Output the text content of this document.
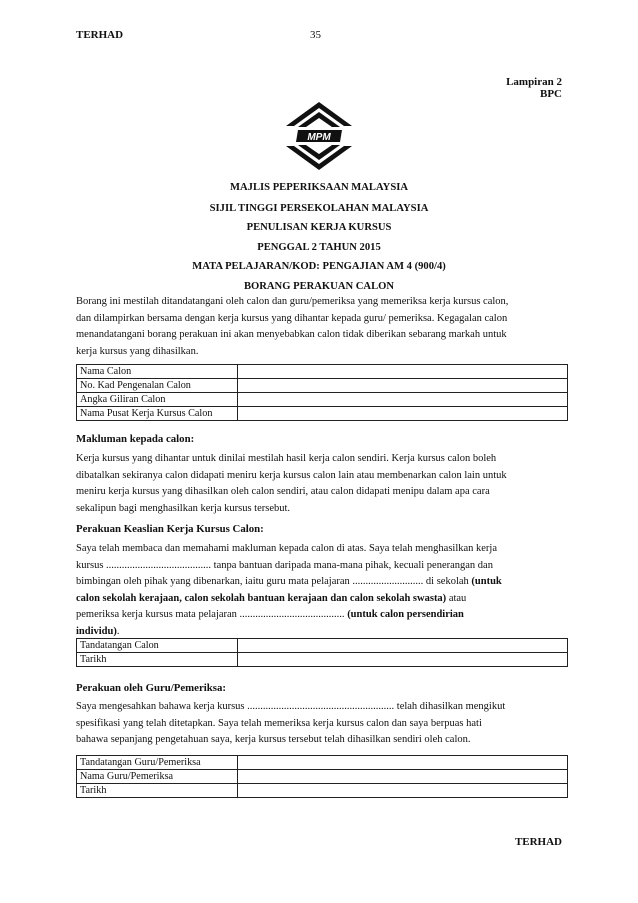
TERHAD	35
Lampiran 2
BPC
MPM
MAJLIS PEPERIKSAAN MALAYSIA
SIJIL TINGGI PERSEKOLAHAN MALAYSIA
PENULISAN KERJA KURSUS
PENGGAL 2 TAHUN 2015
MATA PELAJARAN/KOD: PENGAJIAN AM 4 (900/4)
BORANG PERAKUAN CALON
Borang ini mestilah ditandatangani oleh calon dan guru/pemeriksa yang memeriksa kerja kursus calon,
dan dilampirkan bersama dengan kerja kursus yang dihantar kepada guru/ pemeriksa. Kegagalan calon
menandatangani borang perakuan ini akan menyebabkan calon tidak diberikan sebarang markah untuk
kerja kursus yang dihasilkan.
Nama Calon	
No. Kad Pengenalan Calon	
Angka Giliran Calon	
Nama Pusat Kerja Kursus Calon	
Makluman kepada calon:
Kerja kursus yang dihantar untuk dinilai mestilah hasil kerja calon sendiri. Kerja kursus calon boleh
dibatalkan sekiranya calon didapati meniru kerja kursus calon lain atau membenarkan calon lain untuk
meniru kerja kursus yang dihasilkan oleh calon sendiri, atau calon didapati menipu dalam apa cara
sekalipun bagi menghasilkan kerja kursus tersebut.
Perakuan Keaslian Kerja Kursus Calon:
Saya telah membaca dan memahami makluman kepada calon di atas. Saya telah menghasilkan kerja
kursus ........................................ tanpa bantuan daripada mana-mana pihak, kecuali penerangan dan
bimbingan oleh pihak yang dibenarkan, iaitu guru mata pelajaran ........................... di sekolah (untuk
calon sekolah kerajaan, calon sekolah bantuan kerajaan dan calon sekolah swasta) atau
pemeriksa kerja kursus mata pelajaran ........................................ (untuk calon persendirian
individu).
Tandatangan Calon	
Tarikh	
Perakuan oleh Guru/Pemeriksa:
Saya mengesahkan bahawa kerja kursus ........................................................ telah dihasilkan mengikut
spesifikasi yang telah ditetapkan. Saya telah memeriksa kerja kursus calon dan saya berpuas hati
bahawa sepanjang pengetahuan saya, kerja kursus tersebut telah dihasilkan sendiri oleh calon.
Tandatangan Guru/Pemeriksa	
Nama Guru/Pemeriksa	
Tarikh	
TERHAD
